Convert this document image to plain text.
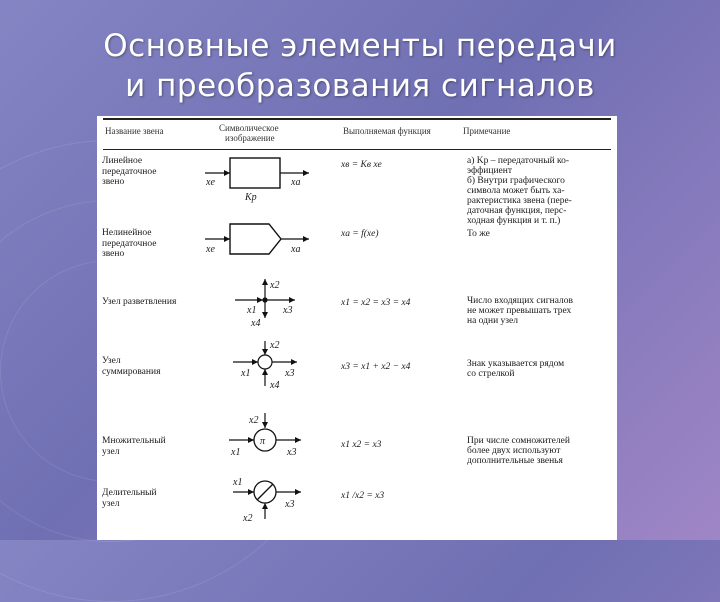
Основные элементы передачи
и преобразования сигналов
Название звена	Символическое
изображение
Выполняемая функция	Примечание
Линейное
передаточное
звено	xe	xa
Kp
xв = Kв xe	а) Kp – передаточный ко-
эффициент
б) Внутри графического
символа может быть ха-
рактеристика звена (пере-
даточная функция, перс-
ходная функция и т. п.)
Нелинейное
передаточное
звено	xe	xa
xa = f(xe)	То же
Узел разветвления
x2
x1	x3
x4
x1 = x2 = x3 = x4	Число входящих сигналов
не может превышать трех
на одни узел
Узел
суммирования
x2
x1	x3
x4
x3 = x1 + x2 − x4	Знак указывается рядом
со стрелкой
Множительный
узел
π
x2
x1	x3
x1 x2 = x3	При числе сомножителей
более двух используют
дополнительные звенья
Делительный
узел
x1
x3
x2
x1 /x2 = x3
